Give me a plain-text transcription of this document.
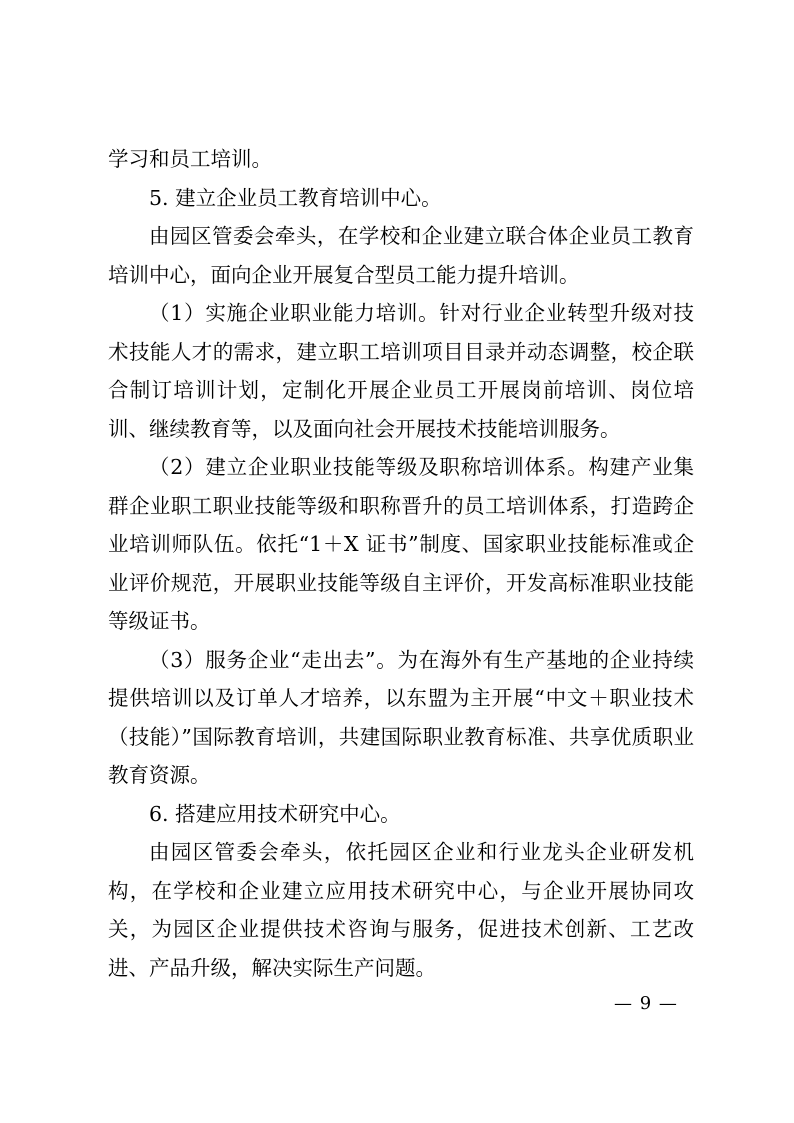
学习和员工培训。

5. 建立企业员工教育培训中心。

由园区管委会牵头，在学校和企业建立联合体企业员工教育培训中心，面向企业开展复合型员工能力提升培训。

（1）实施企业职业能力培训。针对行业企业转型升级对技术技能人才的需求，建立职工培训项目目录并动态调整，校企联合制订培训计划，定制化开展企业员工开展岗前培训、岗位培训、继续教育等，以及面向社会开展技术技能培训服务。

（2）建立企业职业技能等级及职称培训体系。构建产业集群企业职工职业技能等级和职称晋升的员工培训体系，打造跨企业培训师队伍。依托“1＋X 证书”制度、国家职业技能标准或企业评价规范，开展职业技能等级自主评价，开发高标准职业技能等级证书。

（3）服务企业“走出去”。为在海外有生产基地的企业持续提供培训以及订单人才培养，以东盟为主开展“中文＋职业技术（技能）”国际教育培训，共建国际职业教育标准、共享优质职业教育资源。

6. 搭建应用技术研究中心。

由园区管委会牵头，依托园区企业和行业龙头企业研发机构，在学校和企业建立应用技术研究中心，与企业开展协同攻关，为园区企业提供技术咨询与服务，促进技术创新、工艺改进、产品升级，解决实际生产问题。

— 9 —
